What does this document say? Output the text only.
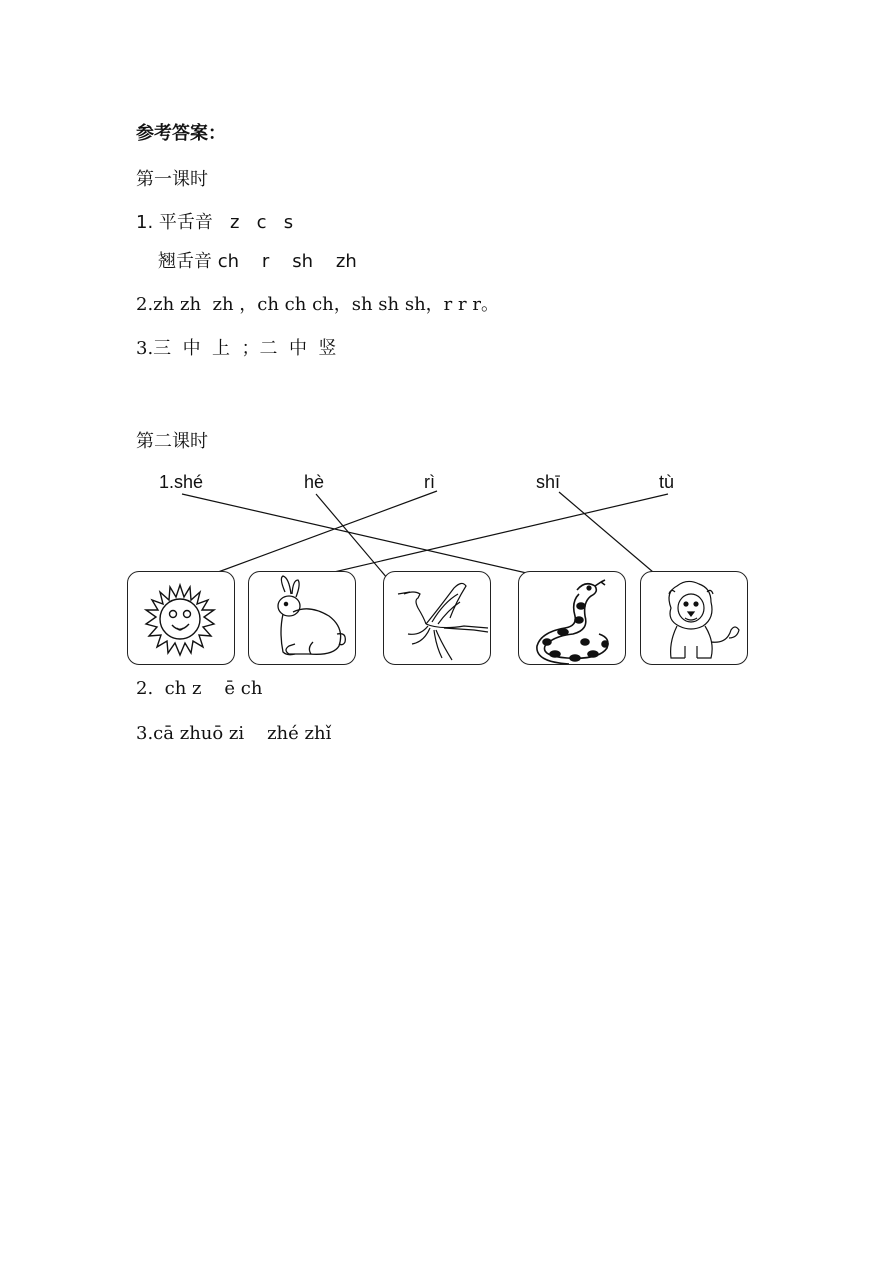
参考答案：
第一课时
1. 平舌音   z   c   s
翘舌音 ch    r    sh    zh
2.zh zh  zh ，ch ch ch，sh sh sh，r r r。
3.三  中  上  ；二  中  竖
第二课时
1.shé	hè	rì	shī	tù
2.  ch z    ē ch
3.cā zhuō zi    zhé zhǐ
